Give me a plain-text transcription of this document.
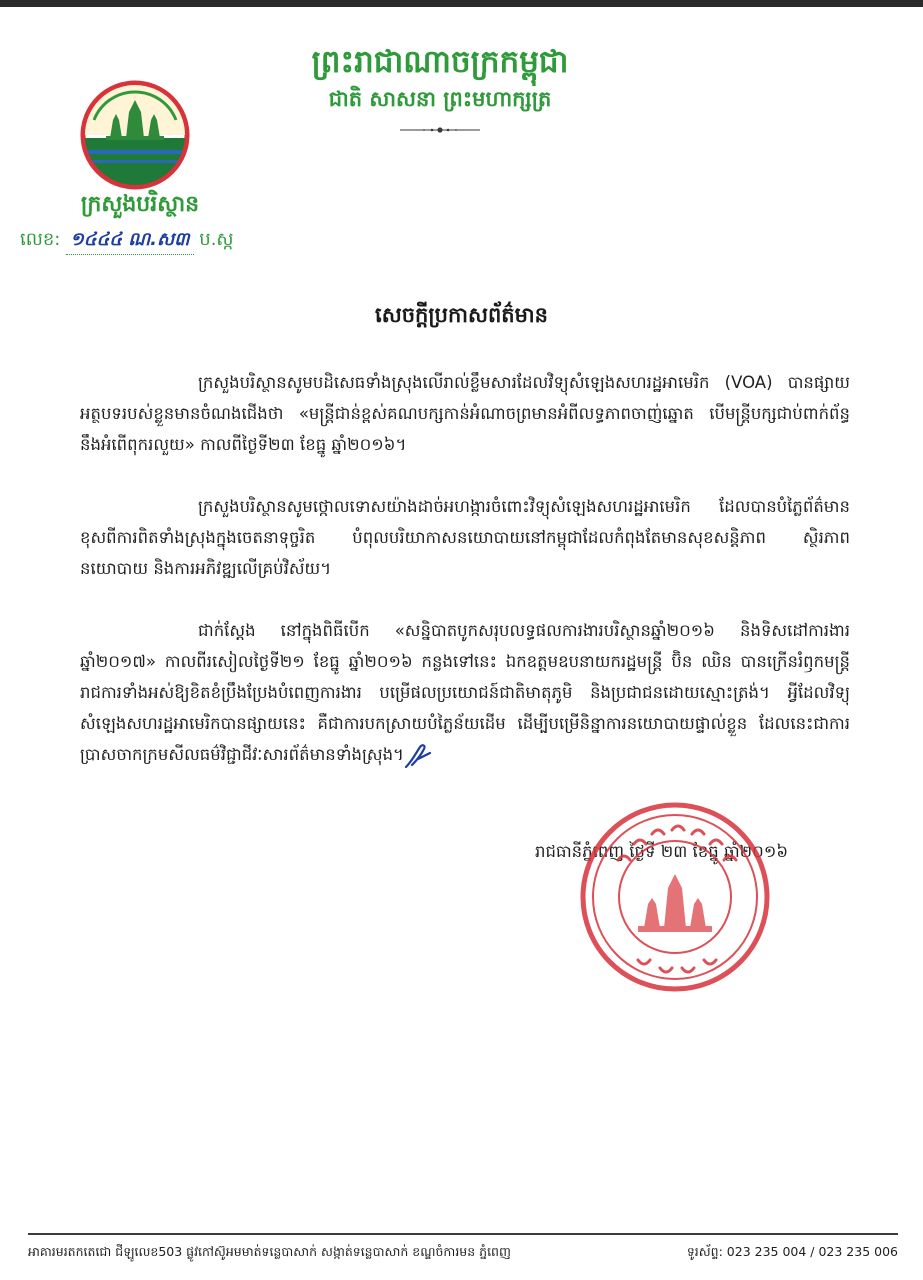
ព្រះរាជាណាចក្រកម្ពុជា
ជាតិ សាសនា ព្រះមហាក្សត្រ
ក្រសួងបរិស្ថាន
លេខ: ១៤៤៤ ណ.ស៣ ប.ស្ក
សេចក្តីប្រកាសព័ត៌មាន

ក្រសួងបរិស្ថានសូមបដិសេធទាំងស្រុងលើរាល់ខ្លឹមសារដែលវិទ្យុសំឡេងសហរដ្ឋអាមេរិក (VOA) បានផ្សាយអត្ថបទរបស់ខ្លួនមានចំណងជើងថា «មន្ត្រីជាន់ខ្ពស់គណបក្សកាន់អំណាចព្រមានអំពីលទ្ធភាពចាញ់ឆ្នោត បើមន្ត្រីបក្សជាប់ពាក់ព័ន្ធនឹងអំពើពុករលួយ» កាលពីថ្ងៃទី២៣ ខែធ្នូ ឆ្នាំ២០១៦។

ក្រសួងបរិស្ថានសូមថ្កោលទោសយ៉ាងដាច់អហង្ការចំពោះវិទ្យុសំឡេងសហរដ្ឋអាមេរិក ដែលបានបំភ្លៃព័ត៌មានខុសពីការពិតទាំងស្រុងក្នុងចេតនាទុច្ចរិត បំពុលបរិយាកាសនយោបាយនៅកម្ពុជាដែលកំពុងតែមានសុខសន្តិភាព ស្ថិរភាពនយោបាយ និងការអភិវឌ្ឍលើគ្រប់វិស័យ។

ជាក់ស្តែង នៅក្នុងពិធីបើក «សន្និបាតបូកសរុបលទ្ធផលការងារបរិស្ថានឆ្នាំ២០១៦ និងទិសដៅការងារឆ្នាំ២០១៧» កាលពីរសៀលថ្ងៃទី២១ ខែធ្នូ ឆ្នាំ២០១៦ កន្លងទៅនេះ ឯកឧត្តមឧបនាយករដ្ឋមន្ត្រី ប៊ិន ឈិន បានក្រើនរំឭកមន្ត្រីរាជការទាំងអស់ឱ្យខិតខំប្រឹងប្រែងបំពេញការងារ បម្រើផលប្រយោជន៍ជាតិមាតុភូមិ និងប្រជាជនដោយស្មោះត្រង់។ អ្វីដែលវិទ្យុសំឡេងសហរដ្ឋអាមេរិកបានផ្សាយនេះ គឺជាការបកស្រាយបំភ្លៃន័យដើម ដើម្បីបម្រើនិន្នាការនយោបាយផ្ទាល់ខ្លួន ដែលនេះជាការប្រាសចាកក្រមសីលធម៌វិជ្ជាជីវៈសារព័ត៌មានទាំងស្រុង។

រាជធានីភ្នំពេញ ថ្ងៃទី ២៣ ខែធ្នូ ឆ្នាំ២០១៦
អាគារមរតកតេជោ ជីឡូលេខ503 ផ្លូវកៅស៊ូអមមាត់ទន្លេបាសាក់ សង្កាត់ទន្លេបាសាក់ ខណ្ឌចំការមន ភ្នំពេញ	ទូរស័ព្ទ: 023 235 004 / 023 235 006
